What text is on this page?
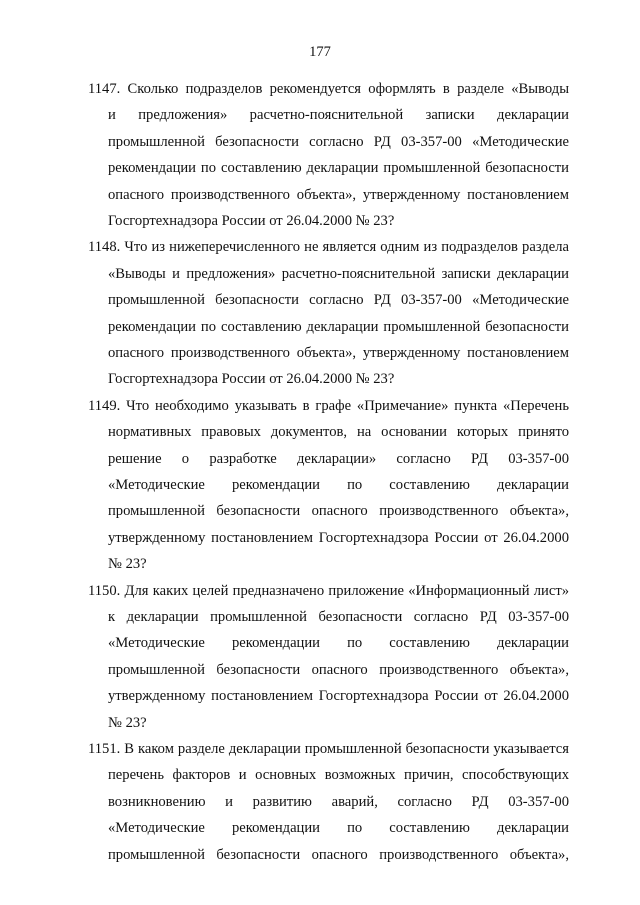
177
1147. Сколько подразделов рекомендуется оформлять в разделе «Выводы
и предложения» расчетно-пояснительной записки декларации
промышленной безопасности согласно РД 03-357-00 «Методические
рекомендации по составлению декларации промышленной безопасности
опасного производственного объекта», утвержденному постановлением
Госгортехнадзора России от 26.04.2000 № 23?
1148. Что из нижеперечисленного не является одним из подразделов раздела
«Выводы и предложения» расчетно-пояснительной записки декларации
промышленной безопасности согласно РД 03-357-00 «Методические
рекомендации по составлению декларации промышленной безопасности
опасного производственного объекта», утвержденному постановлением
Госгортехнадзора России от 26.04.2000 № 23?
1149. Что необходимо указывать в графе «Примечание» пункта «Перечень
нормативных правовых документов, на основании которых принято
решение о разработке декларации» согласно РД 03-357-00
«Методические рекомендации по составлению декларации
промышленной безопасности опасного производственного объекта»,
утвержденному постановлением Госгортехнадзора России от 26.04.2000
№ 23?
1150. Для каких целей предназначено приложение «Информационный лист»
к декларации промышленной безопасности согласно РД 03-357-00
«Методические рекомендации по составлению декларации
промышленной безопасности опасного производственного объекта»,
утвержденному постановлением Госгортехнадзора России от 26.04.2000
№ 23?
1151. В каком разделе декларации промышленной безопасности указывается
перечень факторов и основных возможных причин, способствующих
возникновению и развитию аварий, согласно РД 03-357-00
«Методические рекомендации по составлению декларации
промышленной безопасности опасного производственного объекта»,
